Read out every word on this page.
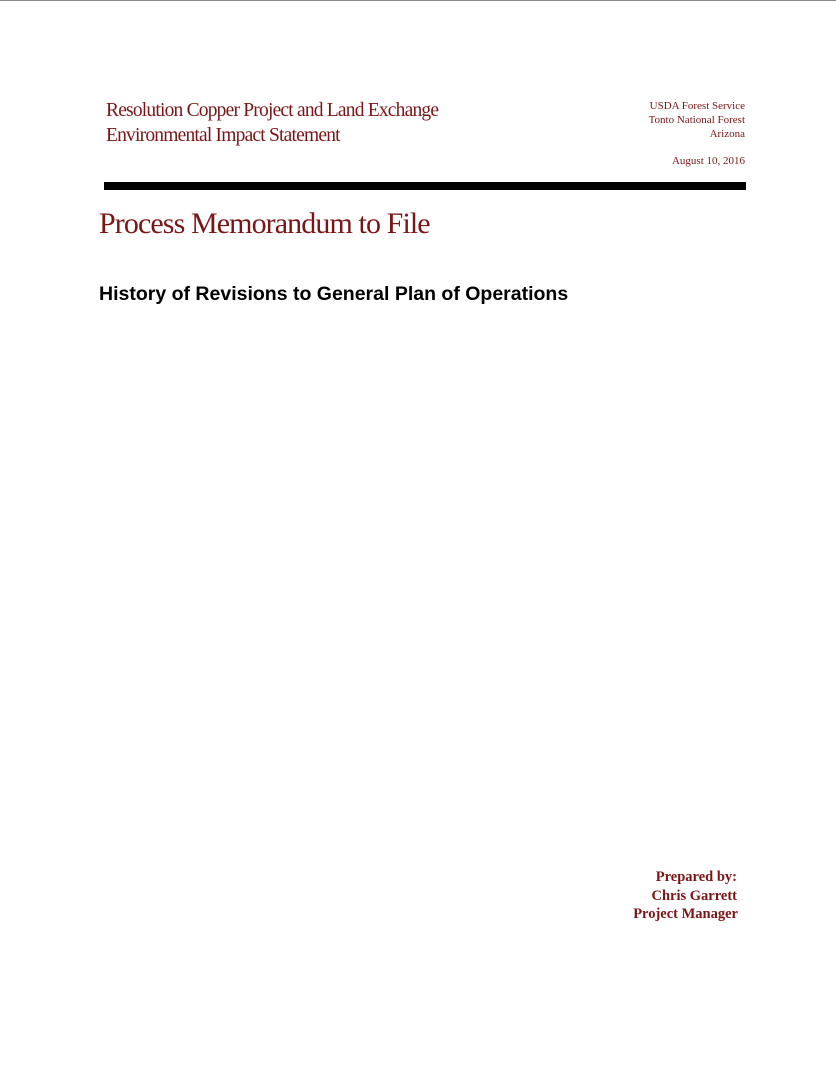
Resolution Copper Project and Land Exchange
Environmental Impact Statement
USDA Forest Service
Tonto National Forest
Arizona
August 10, 2016
Process Memorandum to File
History of Revisions to General Plan of Operations
Prepared by:
Chris Garrett
Project Manager
